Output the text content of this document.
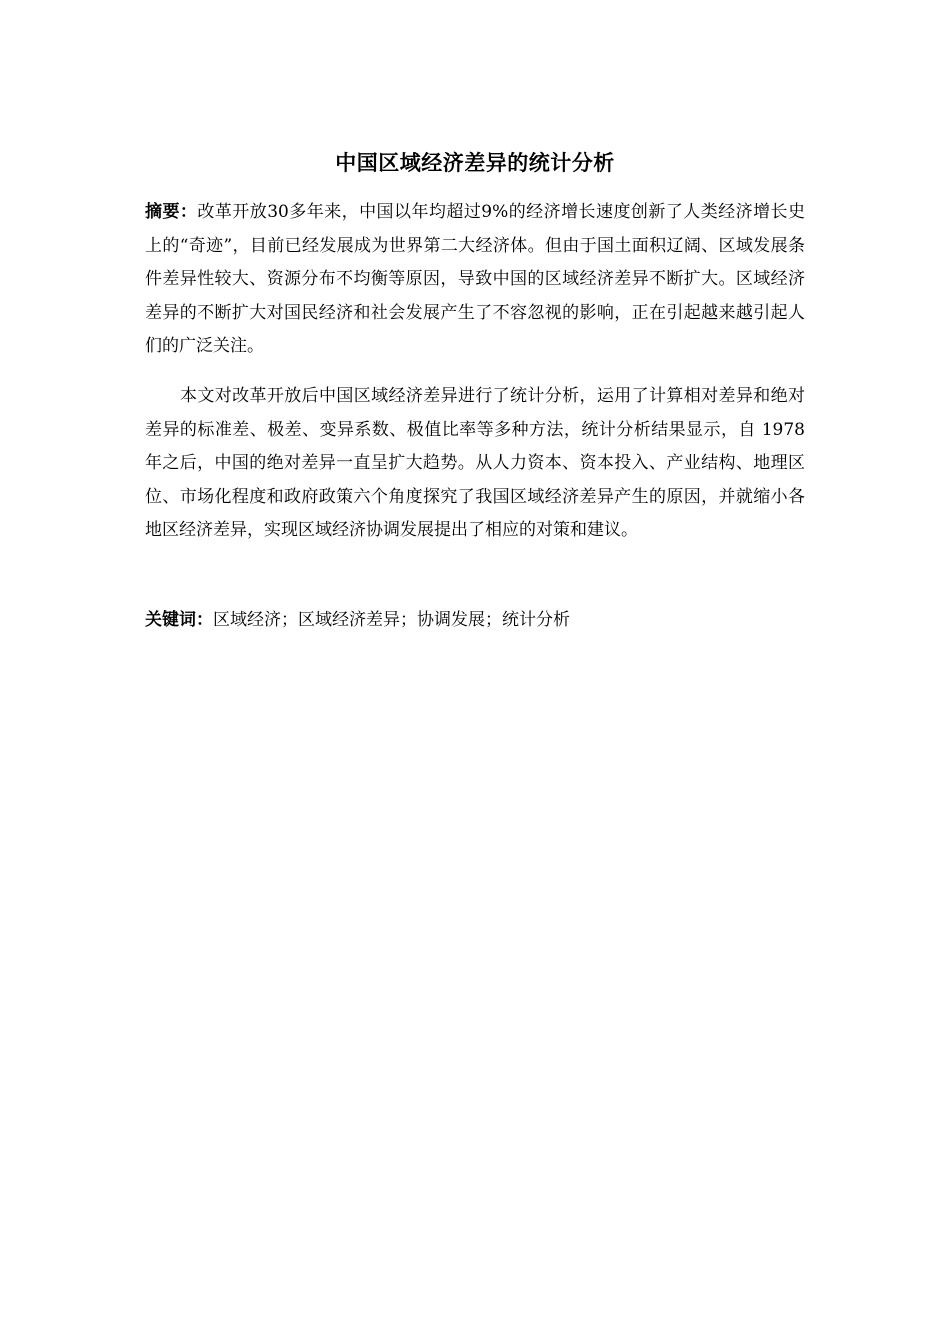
中国区域经济差异的统计分析
摘要：改革开放30多年来，中国以年均超过9%的经济增长速度创新了人类经济增长史上的“奇迹”，目前已经发展成为世界第二大经济体。但由于国土面积辽阔、区域发展条件差异性较大、资源分布不均衡等原因，导致中国的区域经济差异不断扩大。区域经济差异的不断扩大对国民经济和社会发展产生了不容忽视的影响，正在引起越来越引起人们的广泛关注。
本文对改革开放后中国区域经济差异进行了统计分析，运用了计算相对差异和绝对差异的标准差、极差、变异系数、极值比率等多种方法，统计分析结果显示，自 1978年之后，中国的绝对差异一直呈扩大趋势。从人力资本、资本投入、产业结构、地理区位、市场化程度和政府政策六个角度探究了我国区域经济差异产生的原因，并就缩小各地区经济差异，实现区域经济协调发展提出了相应的对策和建议。
关键词：区域经济；区域经济差异；协调发展；统计分析
